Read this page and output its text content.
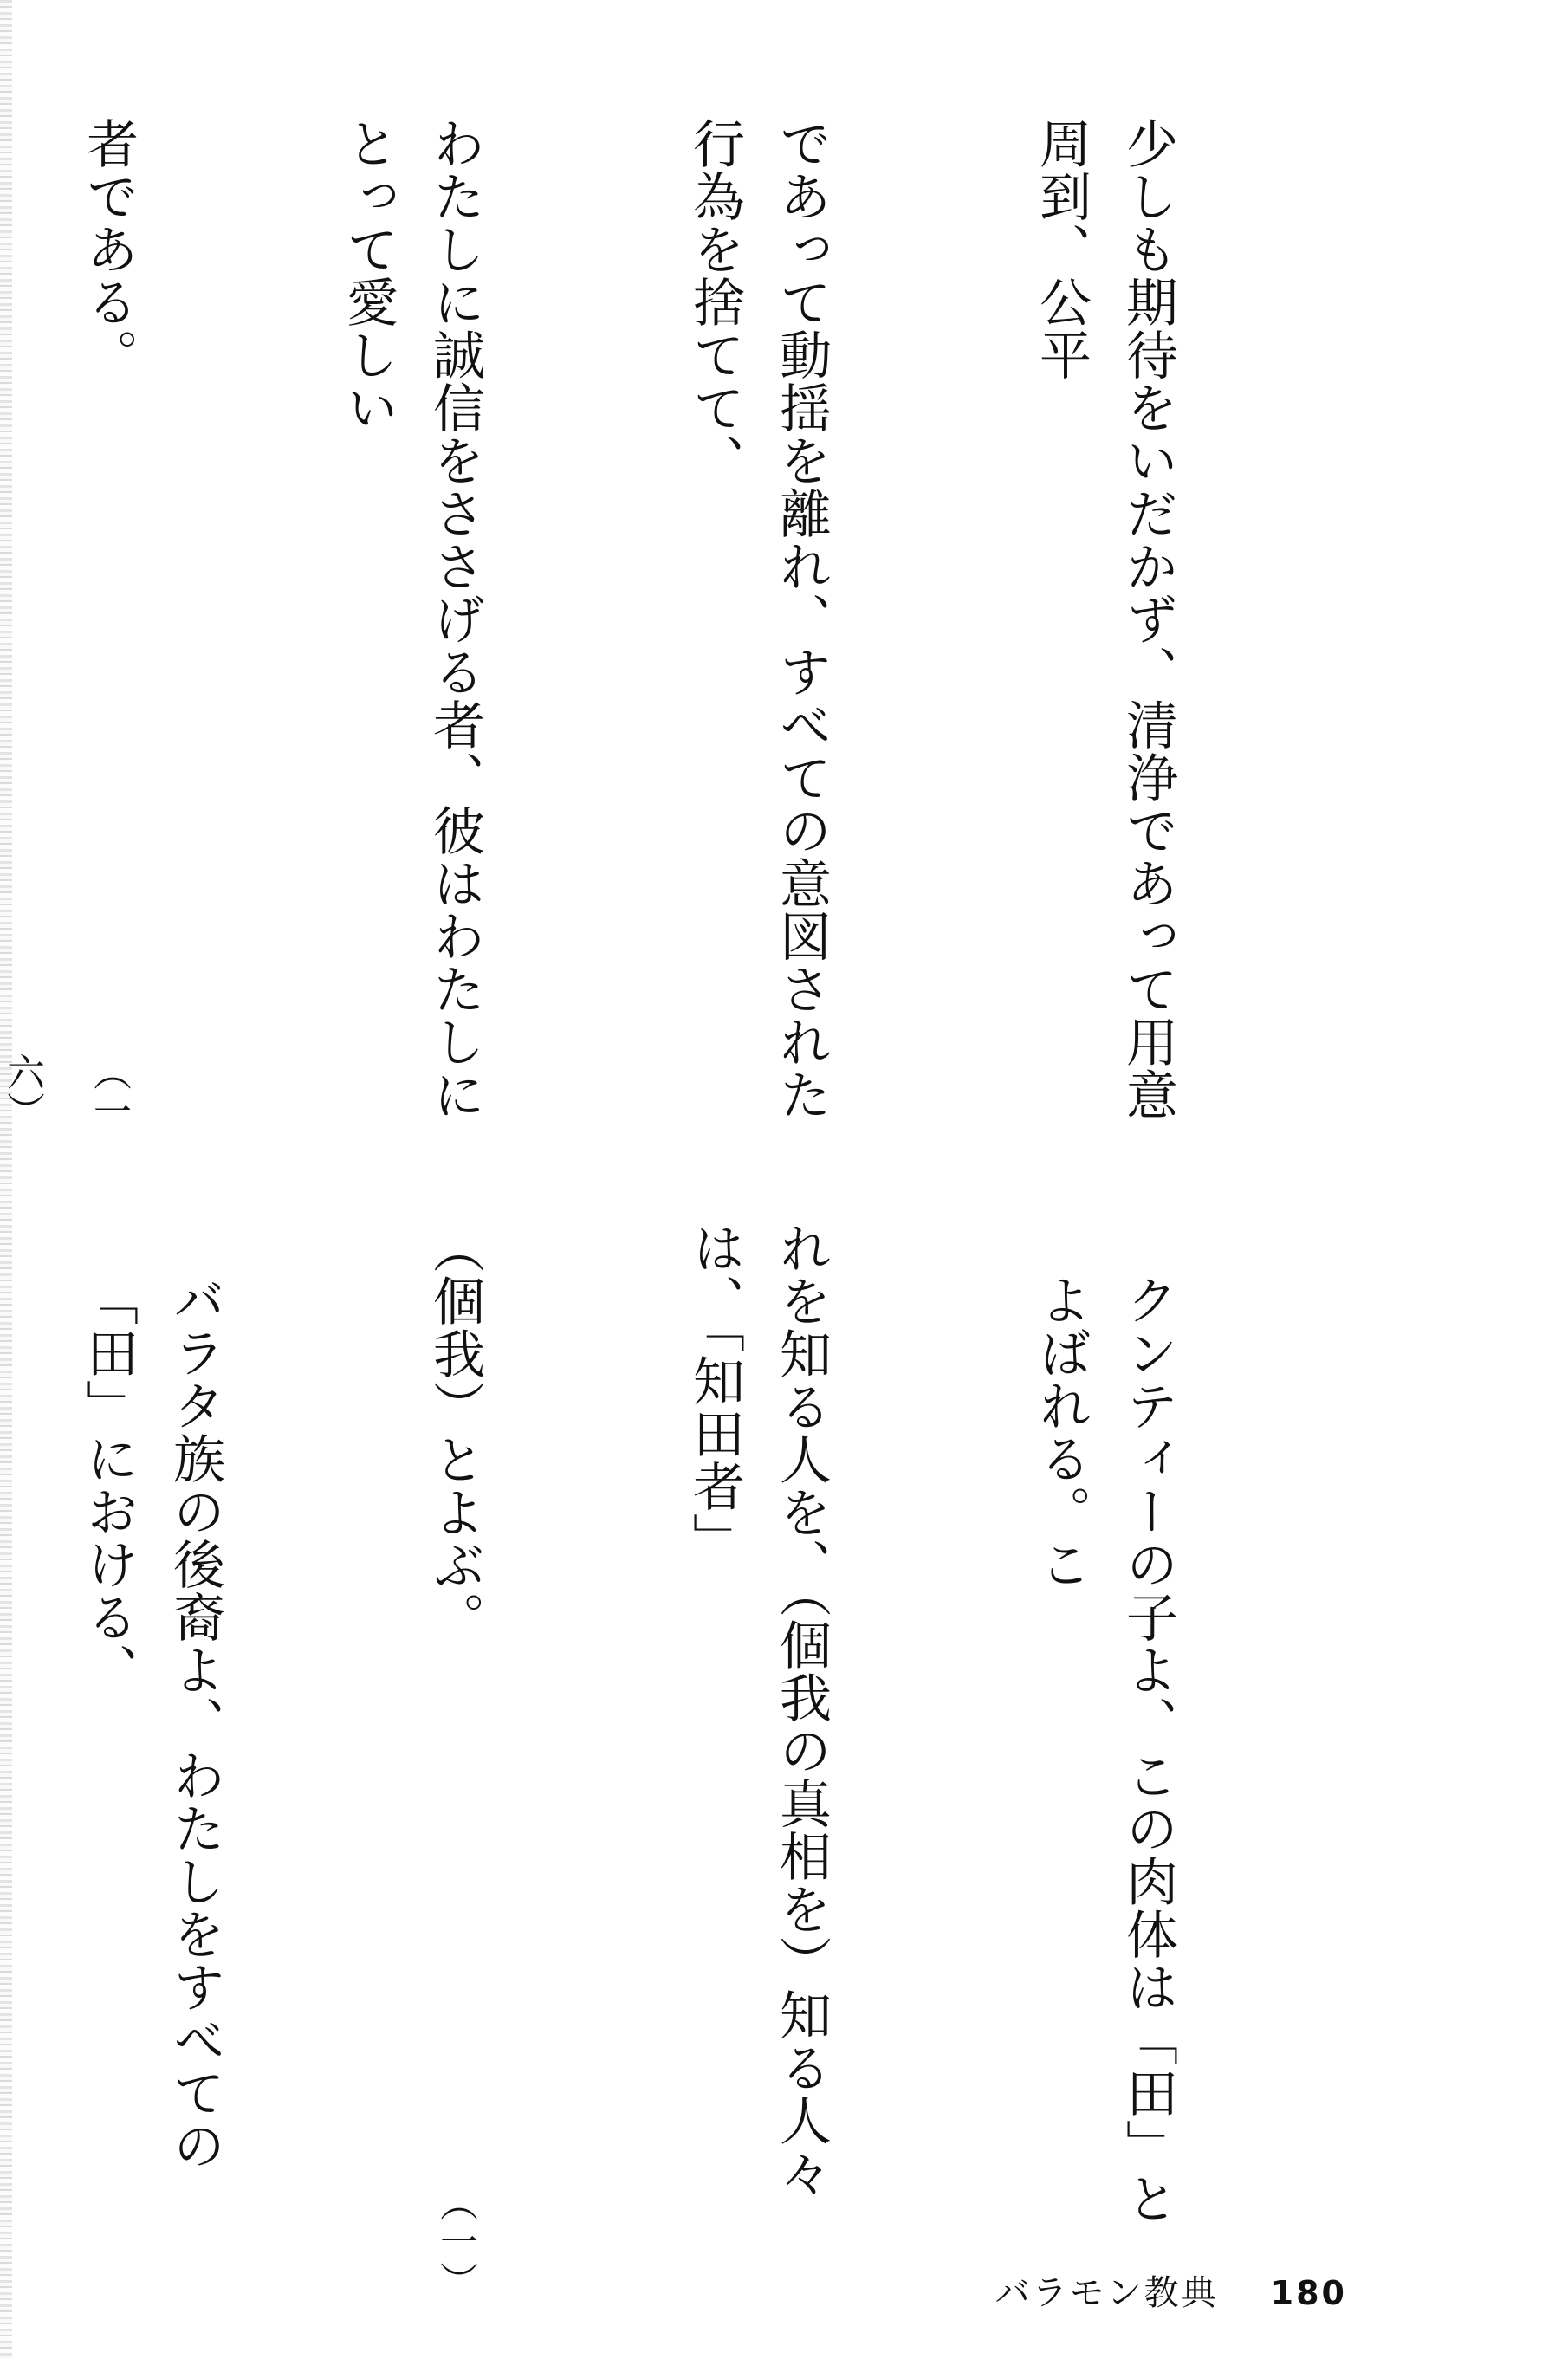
少しも期待をいだかず、清浄であって用意周到、公平

であって動揺を離れ、すべての意図された行為を捨てて、

わたしに誠信をささげる者、彼はわたしにとって愛しい

者である。
（一六）

クンティーの子よ、この肉体は「田」とよばれる。こ

れを知る人を、（個我の真相を）知る人々は、「知田者」

（個我）とよぶ。
（一）

バラタ族の後裔よ、わたしをすべての「田」における、

バラモン教典 180
